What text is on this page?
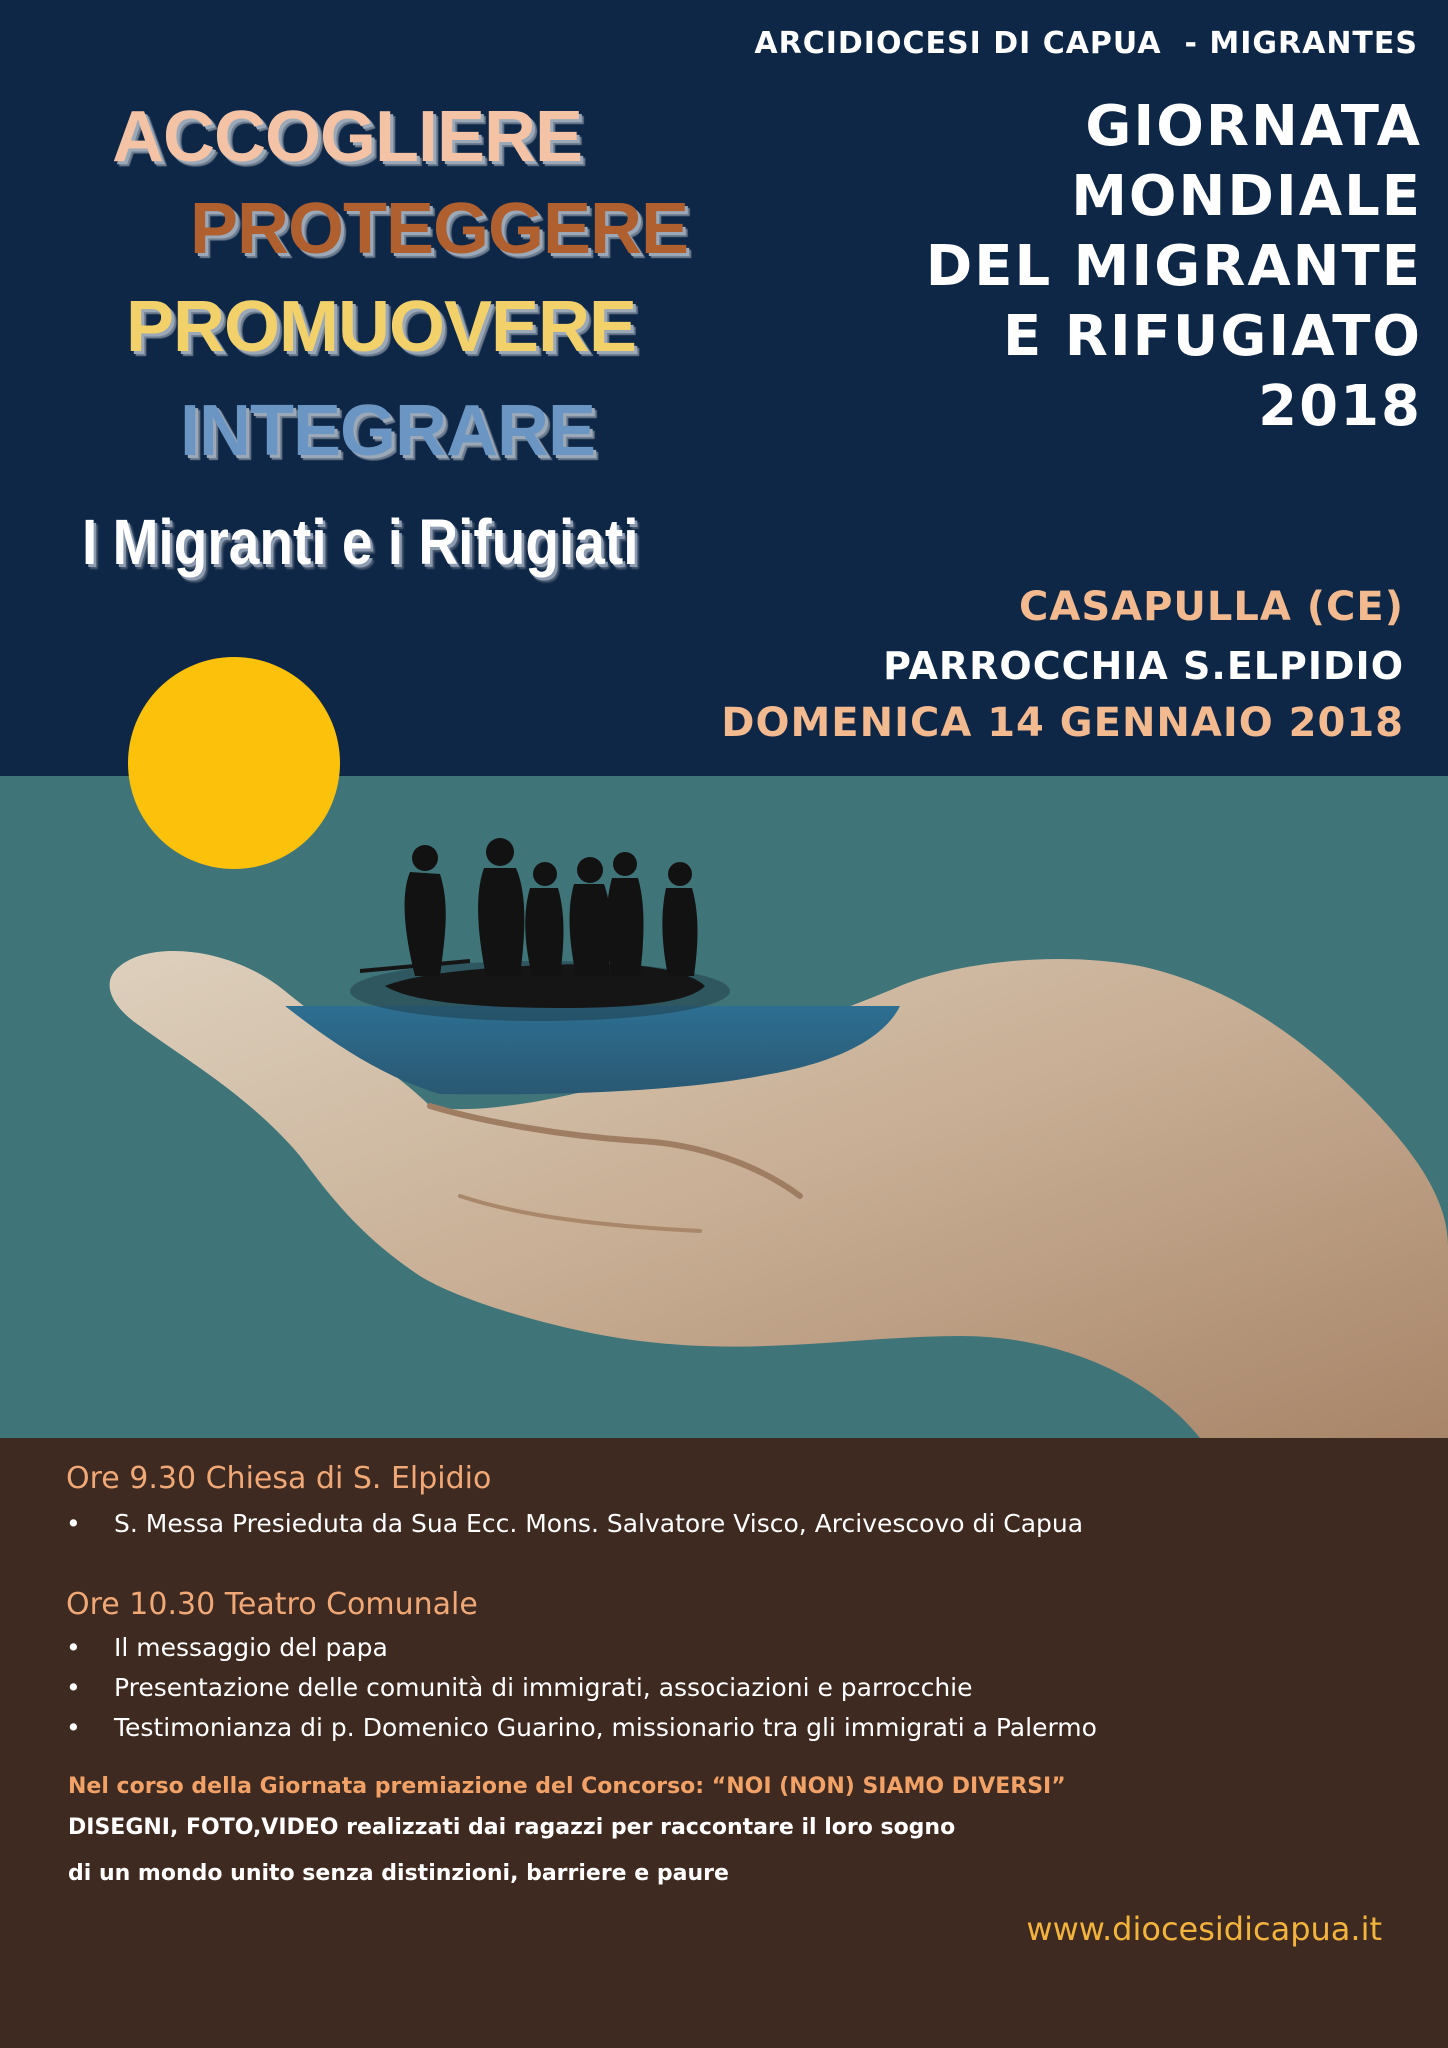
ARCIDIOCESI DI CAPUA  - MIGRANTES
ACCOGLIERE
PROTEGGERE
PROMUOVERE
INTEGRARE
I Migranti e i Rifugiati
GIORNATA
MONDIALE
DEL MIGRANTE
E RIFUGIATO
2018
CASAPULLA (CE)
PARROCCHIA S.ELPIDIO
DOMENICA 14 GENNAIO 2018
Ore 9.30 Chiesa di S. Elpidio
• S. Messa Presieduta da Sua Ecc. Mons. Salvatore Visco, Arcivescovo di Capua
Ore 10.30 Teatro Comunale
• Il messaggio del papa
• Presentazione delle comunità di immigrati, associazioni e parrocchie
• Testimonianza di p. Domenico Guarino, missionario tra gli immigrati a Palermo
Nel corso della Giornata premiazione del Concorso: “NOI (NON) SIAMO DIVERSI”
DISEGNI, FOTO,VIDEO realizzati dai ragazzi per raccontare il loro sogno
di un mondo unito senza distinzioni, barriere e paure
www.diocesidicapua.it
